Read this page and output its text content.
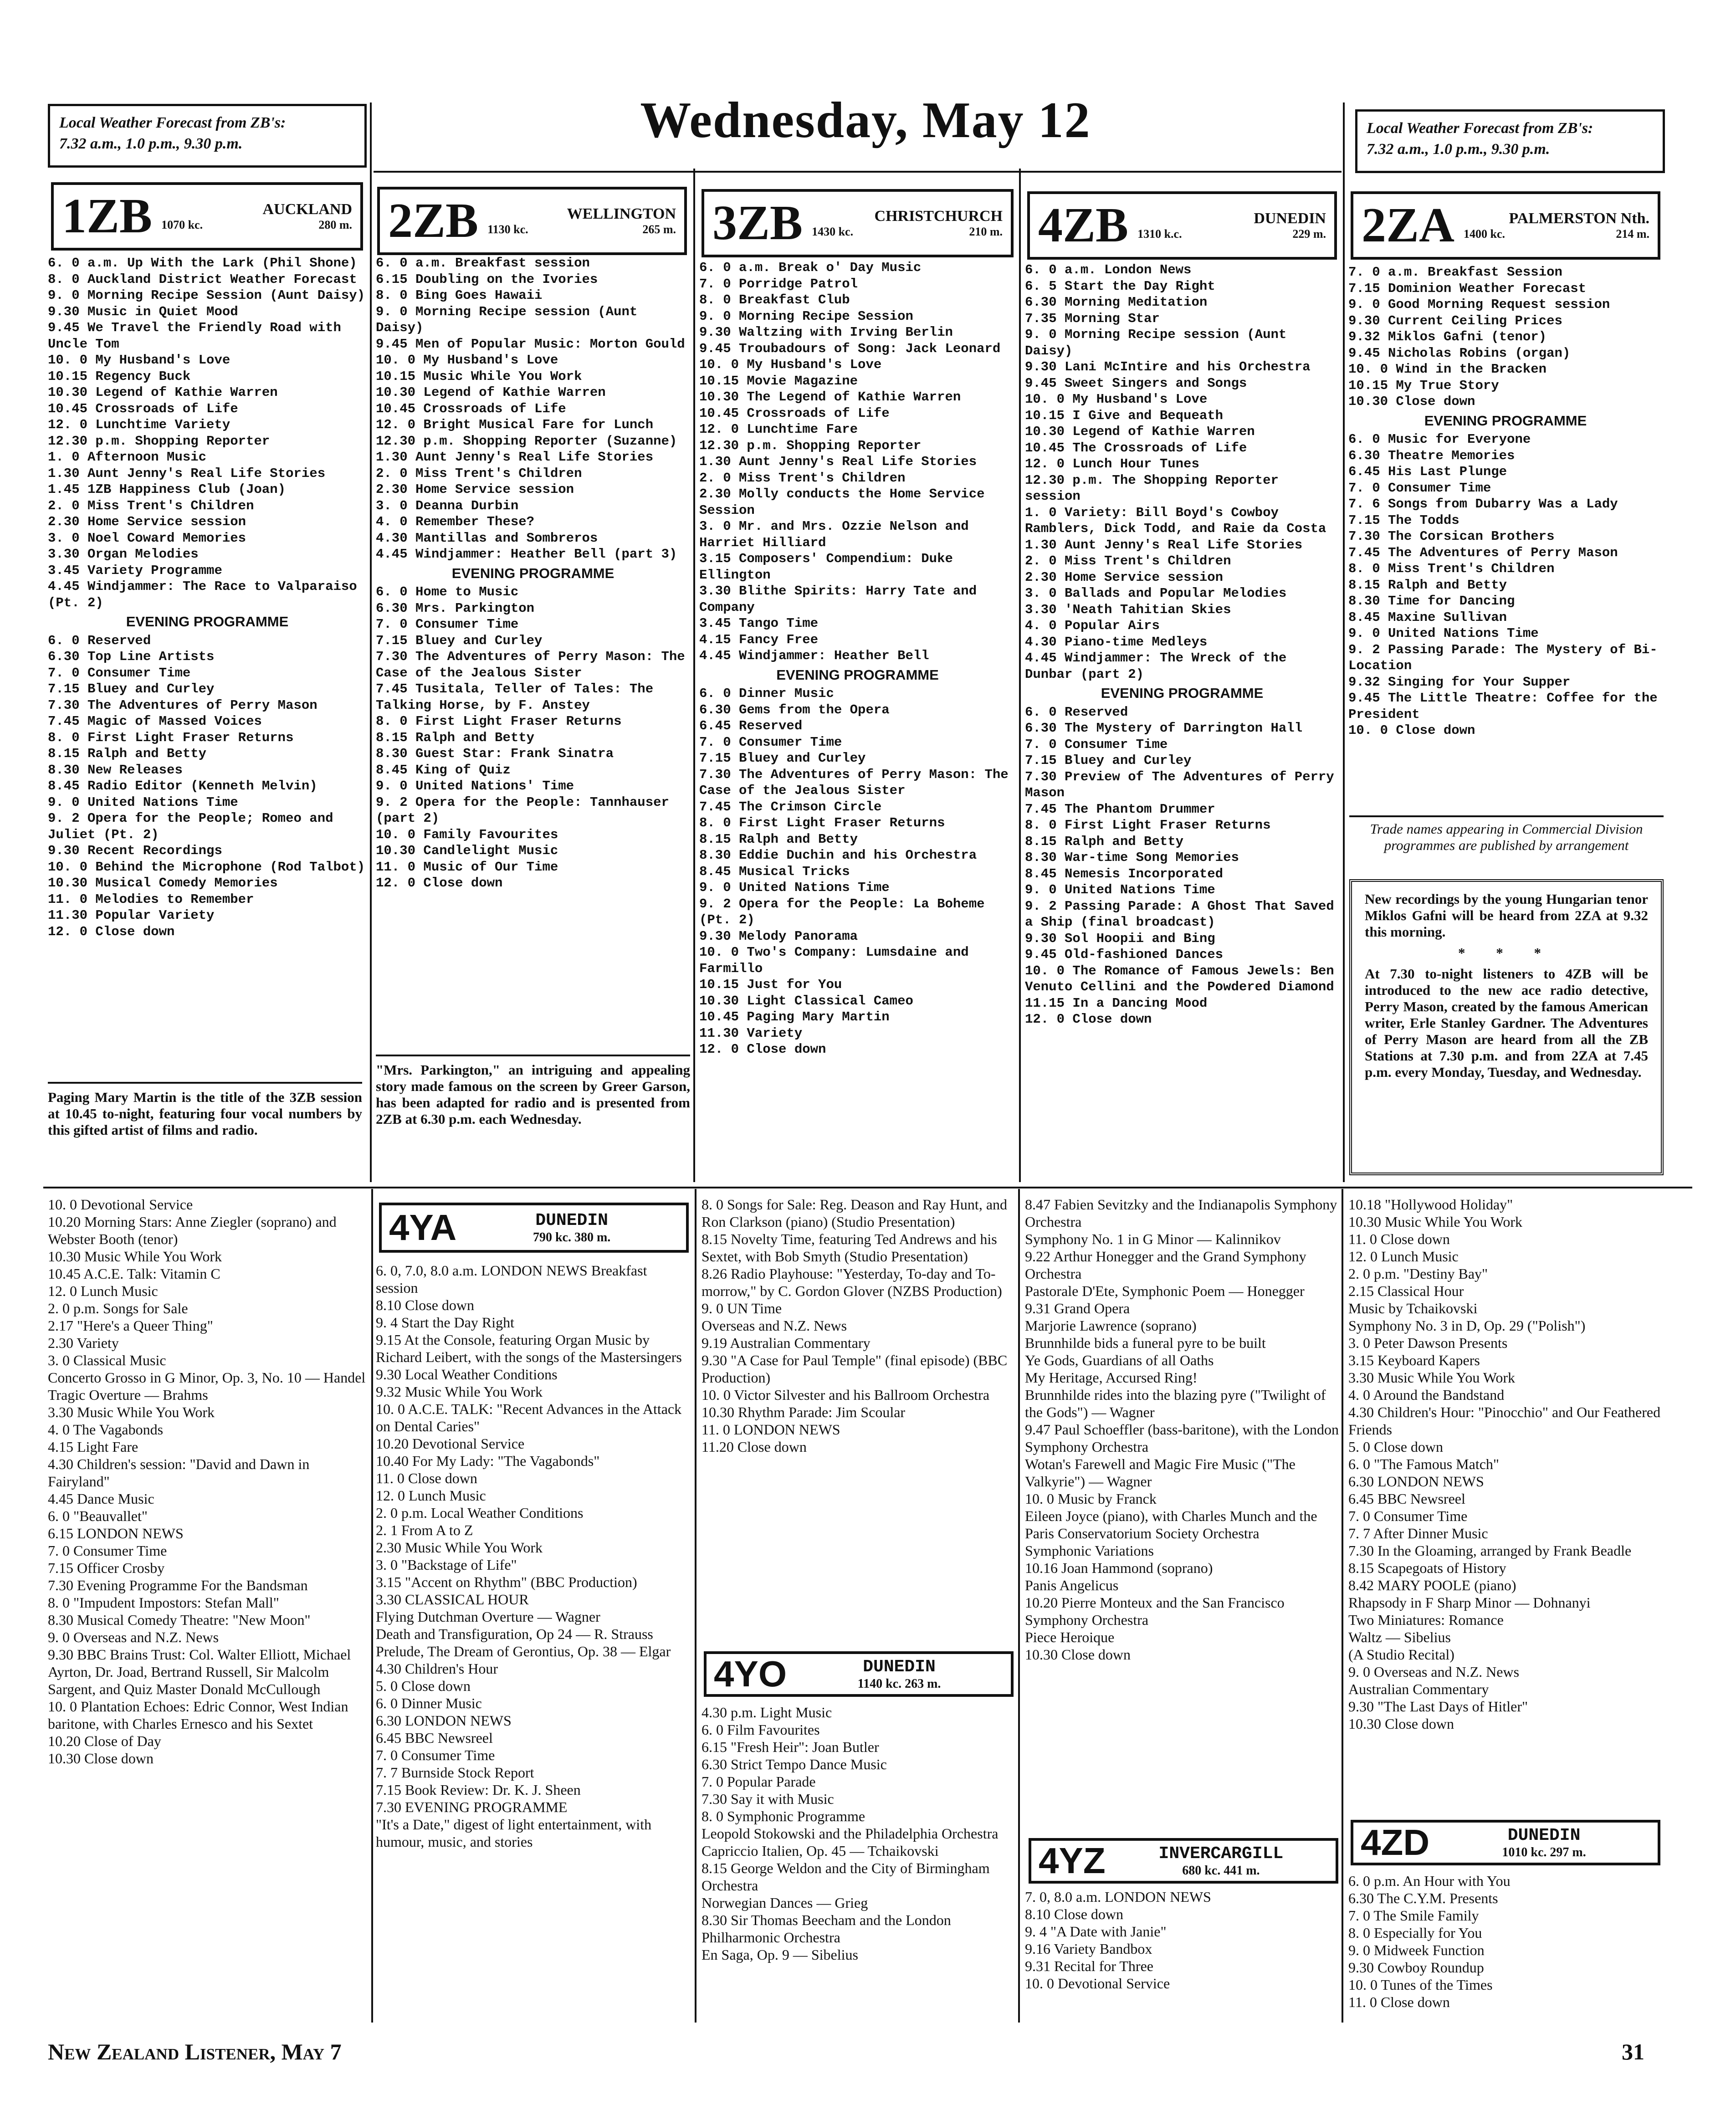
Local Weather Forecast from ZB's:
7.32 a.m., 1.0 p.m., 9.30 p.m.	Wednesday, May 12	Local Weather Forecast from ZB's:
7.32 a.m., 1.0 p.m., 9.30 p.m.
1ZB	AUCKLAND
1070 kc.	280 m. 2ZB	WELLINGTON
1130 kc.	265 m. 3ZB	CHRISTCHURCH
1430 kc.	210 m. 4ZB	DUNEDIN
1310 k.c.	229 m. 2ZA	PALMERSTON Nth.
1400 kc.	214 m.

6. 0 a.m. Up With the Lark (Phil Shone)

8. 0 Auckland District Weather Forecast

9. 0 Morning Recipe Session (Aunt Daisy)

9.30 Music in Quiet Mood

9.45 We Travel the Friendly Road with Uncle Tom

10. 0 My Husband's Love

10.15 Regency Buck

10.30 Legend of Kathie Warren

10.45 Crossroads of Life

12. 0 Lunchtime Variety

12.30 p.m. Shopping Reporter

1. 0 Afternoon Music

1.30 Aunt Jenny's Real Life Stories

1.45 1ZB Happiness Club (Joan)

2. 0 Miss Trent's Children

2.30 Home Service session

3. 0 Noel Coward Memories

3.30 Organ Melodies

3.45 Variety Programme

4.45 Windjammer: The Race to Valparaiso (Pt. 2)

EVENING PROGRAMME

6. 0 Reserved

6.30 Top Line Artists

7. 0 Consumer Time

7.15 Bluey and Curley

7.30 The Adventures of Perry Mason

7.45 Magic of Massed Voices

8. 0 First Light Fraser Returns

8.15 Ralph and Betty

8.30 New Releases

8.45 Radio Editor (Kenneth Melvin)

9. 0 United Nations Time

9. 2 Opera for the People; Romeo and Juliet (Pt. 2)

9.30 Recent Recordings

10. 0 Behind the Microphone (Rod Talbot)

10.30 Musical Comedy Memories

11. 0 Melodies to Remember

11.30 Popular Variety

12. 0 Close down

6. 0 a.m. Breakfast session

6.15 Doubling on the Ivories

8. 0 Bing Goes Hawaii

9. 0 Morning Recipe session (Aunt Daisy)

9.45 Men of Popular Music: Morton Gould

10. 0 My Husband's Love

10.15 Music While You Work

10.30 Legend of Kathie Warren

10.45 Crossroads of Life

12. 0 Bright Musical Fare for Lunch

12.30 p.m. Shopping Reporter (Suzanne)

1.30 Aunt Jenny's Real Life Stories

2. 0 Miss Trent's Children

2.30 Home Service session

3. 0 Deanna Durbin

4. 0 Remember These?

4.30 Mantillas and Sombreros

4.45 Windjammer: Heather Bell (part 3)

EVENING PROGRAMME

6. 0 Home to Music

6.30 Mrs. Parkington

7. 0 Consumer Time

7.15 Bluey and Curley

7.30 The Adventures of Perry Mason: The Case of the Jealous Sister

7.45 Tusitala, Teller of Tales: The Talking Horse, by F. Anstey

8. 0 First Light Fraser Returns

8.15 Ralph and Betty

8.30 Guest Star: Frank Sinatra

8.45 King of Quiz

9. 0 United Nations' Time

9. 2 Opera for the People: Tannhauser (part 2)

10. 0 Family Favourites

10.30 Candlelight Music

11. 0 Music of Our Time

12. 0 Close down

6. 0 a.m. Break o' Day Music

7. 0 Porridge Patrol

8. 0 Breakfast Club

9. 0 Morning Recipe Session

9.30 Waltzing with Irving Berlin

9.45 Troubadours of Song: Jack Leonard

10. 0 My Husband's Love

10.15 Movie Magazine

10.30 The Legend of Kathie Warren

10.45 Crossroads of Life

12. 0 Lunchtime Fare

12.30 p.m. Shopping Reporter

1.30 Aunt Jenny's Real Life Stories

2. 0 Miss Trent's Children

2.30 Molly conducts the Home Service Session

3. 0 Mr. and Mrs. Ozzie Nelson and Harriet Hilliard

3.15 Composers' Compendium: Duke Ellington

3.30 Blithe Spirits: Harry Tate and Company

3.45 Tango Time

4.15 Fancy Free

4.45 Windjammer: Heather Bell

EVENING PROGRAMME

6. 0 Dinner Music

6.30 Gems from the Opera

6.45 Reserved

7. 0 Consumer Time

7.15 Bluey and Curley

7.30 The Adventures of Perry Mason: The Case of the Jealous Sister

7.45 The Crimson Circle

8. 0 First Light Fraser Returns

8.15 Ralph and Betty

8.30 Eddie Duchin and his Orchestra

8.45 Musical Tricks

9. 0 United Nations Time

9. 2 Opera for the People: La Boheme (Pt. 2)

9.30 Melody Panorama

10. 0 Two's Company: Lumsdaine and Farmillo

10.15 Just for You

10.30 Light Classical Cameo

10.45 Paging Mary Martin

11.30 Variety

12. 0 Close down

6. 0 a.m. London News

6. 5 Start the Day Right

6.30 Morning Meditation

7.35 Morning Star

9. 0 Morning Recipe session (Aunt Daisy)

9.30 Lani McIntire and his Orchestra

9.45 Sweet Singers and Songs

10. 0 My Husband's Love

10.15 I Give and Bequeath

10.30 Legend of Kathie Warren

10.45 The Crossroads of Life

12. 0 Lunch Hour Tunes

12.30 p.m. The Shopping Reporter session

1. 0 Variety: Bill Boyd's Cowboy Ramblers, Dick Todd, and Raie da Costa

1.30 Aunt Jenny's Real Life Stories

2. 0 Miss Trent's Children

2.30 Home Service session

3. 0 Ballads and Popular Melodies

3.30 'Neath Tahitian Skies

4. 0 Popular Airs

4.30 Piano-time Medleys

4.45 Windjammer: The Wreck of the Dunbar (part 2)

EVENING PROGRAMME

6. 0 Reserved

6.30 The Mystery of Darrington Hall

7. 0 Consumer Time

7.15 Bluey and Curley

7.30 Preview of The Adventures of Perry Mason

7.45 The Phantom Drummer

8. 0 First Light Fraser Returns

8.15 Ralph and Betty

8.30 War-time Song Memories

8.45 Nemesis Incorporated

9. 0 United Nations Time

9. 2 Passing Parade: A Ghost That Saved a Ship (final broadcast)

9.30 Sol Hoopii and Bing

9.45 Old-fashioned Dances

10. 0 The Romance of Famous Jewels: Ben Venuto Cellini and the Powdered Diamond

11.15 In a Dancing Mood

12. 0 Close down

7. 0 a.m. Breakfast Session

7.15 Dominion Weather Forecast

9. 0 Good Morning Request session

9.30 Current Ceiling Prices

9.32 Miklos Gafni (tenor)

9.45 Nicholas Robins (organ)

10. 0 Wind in the Bracken

10.15 My True Story

10.30 Close down

EVENING PROGRAMME

6. 0 Music for Everyone

6.30 Theatre Memories

6.45 His Last Plunge

7. 0 Consumer Time

7. 6 Songs from Dubarry Was a Lady

7.15 The Todds

7.30 The Corsican Brothers

7.45 The Adventures of Perry Mason

8. 0 Miss Trent's Children

8.15 Ralph and Betty

8.30 Time for Dancing

8.45 Maxine Sullivan

9. 0 United Nations Time

9. 2 Passing Parade: The Mystery of Bi-Location

9.32 Singing for Your Supper

9.45 The Little Theatre: Coffee for the President

10. 0 Close down

Paging Mary Martin is the title of the 3ZB session at 10.45 to-night, featuring four vocal numbers by this gifted artist of films and radio.
"Mrs. Parkington," an intriguing and appealing story made famous on the screen by Greer Garson, has been adapted for radio and is presented from 2ZB at 6.30 p.m. each Wednesday.
Trade names appearing in Commercial Division programmes are published by arrangement

New recordings by the young Hungarian tenor Miklos Gafni will be heard from 2ZA at 9.32 this morning.

* * *

At 7.30 to-night listeners to 4ZB will be introduced to the new ace radio detective, Perry Mason, created by the famous American writer, Erle Stanley Gardner. The Adventures of Perry Mason are heard from all the ZB Stations at 7.30 p.m. and from 2ZA at 7.45 p.m. every Monday, Tuesday, and Wednesday.

10. 0 Devotional Service

10.20 Morning Stars: Anne Ziegler (soprano) and Webster Booth (tenor)

10.30 Music While You Work

10.45 A.C.E. Talk: Vitamin C

12. 0 Lunch Music

2. 0 p.m. Songs for Sale

2.17 "Here's a Queer Thing"

2.30 Variety

3. 0 Classical Music

Concerto Grosso in G Minor, Op. 3, No. 10 — Handel

Tragic Overture — Brahms

3.30 Music While You Work

4. 0 The Vagabonds

4.15 Light Fare

4.30 Children's session: "David and Dawn in Fairyland"

4.45 Dance Music

6. 0 "Beauvallet"

6.15 LONDON NEWS

7. 0 Consumer Time

7.15 Officer Crosby

7.30 Evening Programme For the Bandsman

8. 0 "Impudent Impostors: Stefan Mall"

8.30 Musical Comedy Theatre: "New Moon"

9. 0 Overseas and N.Z. News

9.30 BBC Brains Trust: Col. Walter Elliott, Michael Ayrton, Dr. Joad, Bertrand Russell, Sir Malcolm Sargent, and Quiz Master Donald McCullough

10. 0 Plantation Echoes: Edric Connor, West Indian baritone, with Charles Ernesco and his Sextet

10.20 Close of Day

10.30 Close down

4YA	DUNEDIN
790 kc. 380 m.

6. 0, 7.0, 8.0 a.m. LONDON NEWS Breakfast session

8.10 Close down

9. 4 Start the Day Right

9.15 At the Console, featuring Organ Music by Richard Leibert, with the songs of the Mastersingers

9.30 Local Weather Conditions

9.32 Music While You Work

10. 0 A.C.E. TALK: "Recent Advances in the Attack on Dental Caries"

10.20 Devotional Service

10.40 For My Lady: "The Vagabonds"

11. 0 Close down

12. 0 Lunch Music

2. 0 p.m. Local Weather Conditions

2. 1 From A to Z

2.30 Music While You Work

3. 0 "Backstage of Life"

3.15 "Accent on Rhythm" (BBC Production)

3.30 CLASSICAL HOUR

Flying Dutchman Overture — Wagner

Death and Transfiguration, Op 24 — R. Strauss

Prelude, The Dream of Gerontius, Op. 38 — Elgar

4.30 Children's Hour

5. 0 Close down

6. 0 Dinner Music

6.30 LONDON NEWS

6.45 BBC Newsreel

7. 0 Consumer Time

7. 7 Burnside Stock Report

7.15 Book Review: Dr. K. J. Sheen

7.30 EVENING PROGRAMME

"It's a Date," digest of light entertainment, with humour, music, and stories

8. 0 Songs for Sale: Reg. Deason and Ray Hunt, and Ron Clarkson (piano) (Studio Presentation)

8.15 Novelty Time, featuring Ted Andrews and his Sextet, with Bob Smyth (Studio Presentation)

8.26 Radio Playhouse: "Yesterday, To-day and To-morrow," by C. Gordon Glover (NZBS Production)

9. 0 UN Time

Overseas and N.Z. News

9.19 Australian Commentary

9.30 "A Case for Paul Temple" (final episode) (BBC Production)

10. 0 Victor Silvester and his Ballroom Orchestra

10.30 Rhythm Parade: Jim Scoular

11. 0 LONDON NEWS

11.20 Close down

4YO	DUNEDIN
1140 kc. 263 m.

4.30 p.m. Light Music

6. 0 Film Favourites

6.15 "Fresh Heir": Joan Butler

6.30 Strict Tempo Dance Music

7. 0 Popular Parade

7.30 Say it with Music

8. 0 Symphonic Programme

Leopold Stokowski and the Philadelphia Orchestra

Capriccio Italien, Op. 45 — Tchaikovski

8.15 George Weldon and the City of Birmingham Orchestra

Norwegian Dances — Grieg

8.30 Sir Thomas Beecham and the London Philharmonic Orchestra

En Saga, Op. 9 — Sibelius

8.47 Fabien Sevitzky and the Indianapolis Symphony Orchestra

Symphony No. 1 in G Minor — Kalinnikov

9.22 Arthur Honegger and the Grand Symphony Orchestra

Pastorale D'Ete, Symphonic Poem — Honegger

9.31 Grand Opera

Marjorie Lawrence (soprano)

Brunnhilde bids a funeral pyre to be built

Ye Gods, Guardians of all Oaths

My Heritage, Accursed Ring!

Brunnhilde rides into the blazing pyre ("Twilight of the Gods") — Wagner

9.47 Paul Schoeffler (bass-baritone), with the London Symphony Orchestra

Wotan's Farewell and Magic Fire Music ("The Valkyrie") — Wagner

10. 0 Music by Franck

Eileen Joyce (piano), with Charles Munch and the Paris Conservatorium Society Orchestra

Symphonic Variations

10.16 Joan Hammond (soprano)

Panis Angelicus

10.20 Pierre Monteux and the San Francisco Symphony Orchestra

Piece Heroique

10.30 Close down

4YZ	INVERCARGILL
680 kc. 441 m.

7. 0, 8.0 a.m. LONDON NEWS

8.10 Close down

9. 4 "A Date with Janie"

9.16 Variety Bandbox

9.31 Recital for Three

10. 0 Devotional Service

10.18 "Hollywood Holiday"

10.30 Music While You Work

11. 0 Close down

12. 0 Lunch Music

2. 0 p.m. "Destiny Bay"

2.15 Classical Hour

Music by Tchaikovski

Symphony No. 3 in D, Op. 29 ("Polish")

3. 0 Peter Dawson Presents

3.15 Keyboard Kapers

3.30 Music While You Work

4. 0 Around the Bandstand

4.30 Children's Hour: "Pinocchio" and Our Feathered Friends

5. 0 Close down

6. 0 "The Famous Match"

6.30 LONDON NEWS

6.45 BBC Newsreel

7. 0 Consumer Time

7. 7 After Dinner Music

7.30 In the Gloaming, arranged by Frank Beadle

8.15 Scapegoats of History

8.42 MARY POOLE (piano)

Rhapsody in F Sharp Minor — Dohnanyi

Two Miniatures: Romance

Waltz — Sibelius

(A Studio Recital)

9. 0 Overseas and N.Z. News

Australian Commentary

9.30 "The Last Days of Hitler"

10.30 Close down

4ZD	DUNEDIN
1010 kc. 297 m.

6. 0 p.m. An Hour with You

6.30 The C.Y.M. Presents

7. 0 The Smile Family

8. 0 Especially for You

9. 0 Midweek Function

9.30 Cowboy Roundup

10. 0 Tunes of the Times

11. 0 Close down

New Zealand Listener, May 7	31
